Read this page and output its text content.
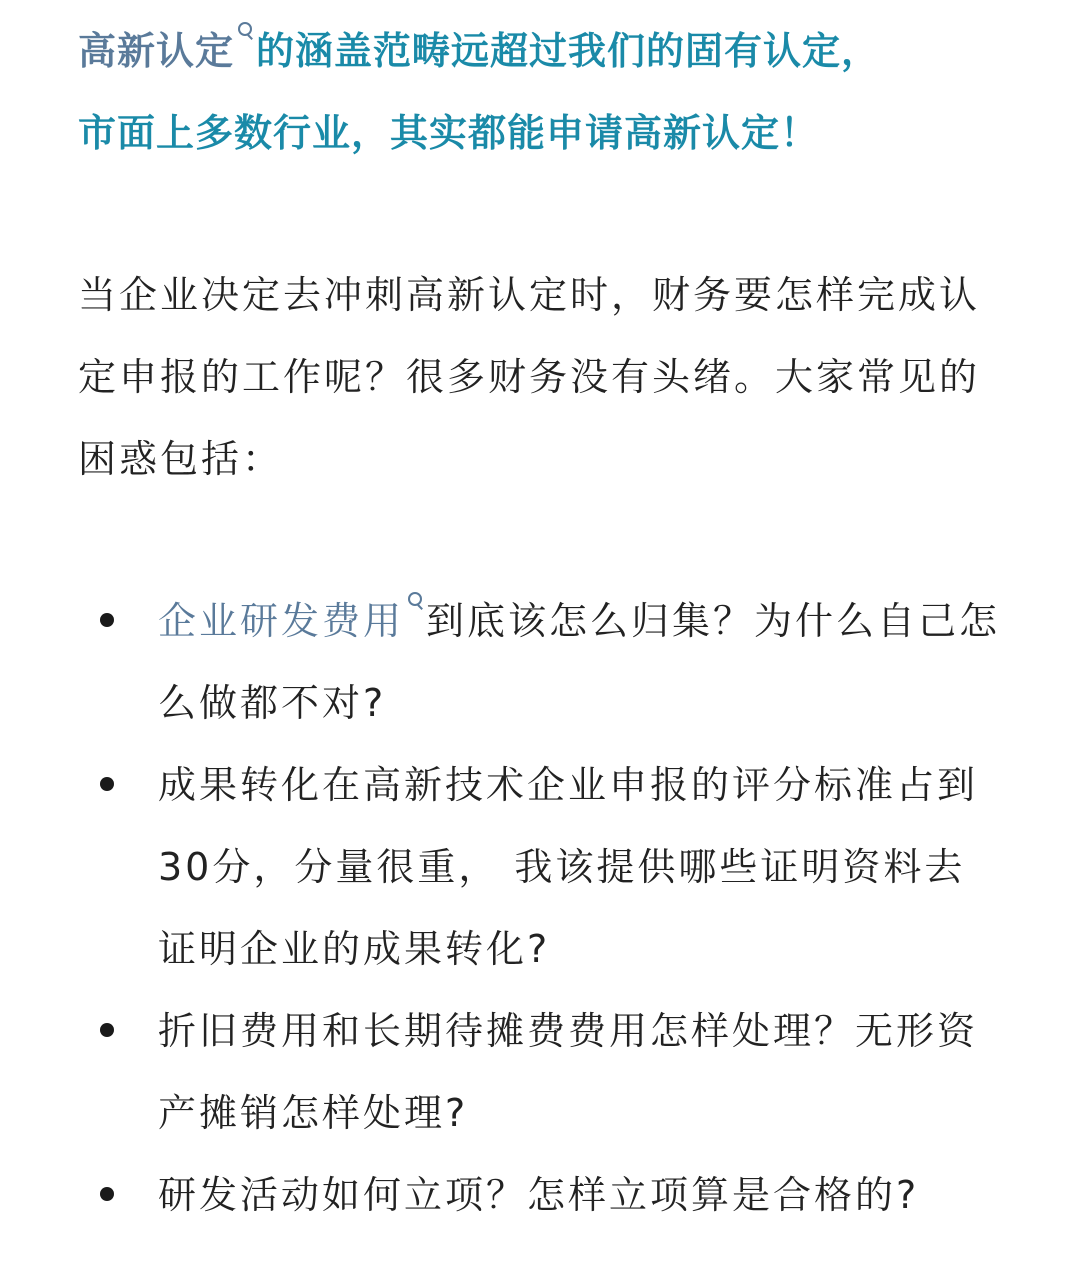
高新认定 的涵盖范畴远超过我们的固有认定，
市面上多数行业，其实都能申请高新认定！

当企业决定去冲刺高新认定时，财务要怎样完成认定申报的工作呢？很多财务没有头绪。大家常见的困惑包括：

企业研发费用 到底该怎么归集？为什么自己怎么做都不对?
成果转化在高新技术企业申报的评分标准占到30分，分量很重， 我该提供哪些证明资料去证明企业的成果转化?
折旧费用和长期待摊费费用怎样处理？无形资产摊销怎样处理?
研发活动如何立项？怎样立项算是合格的?
